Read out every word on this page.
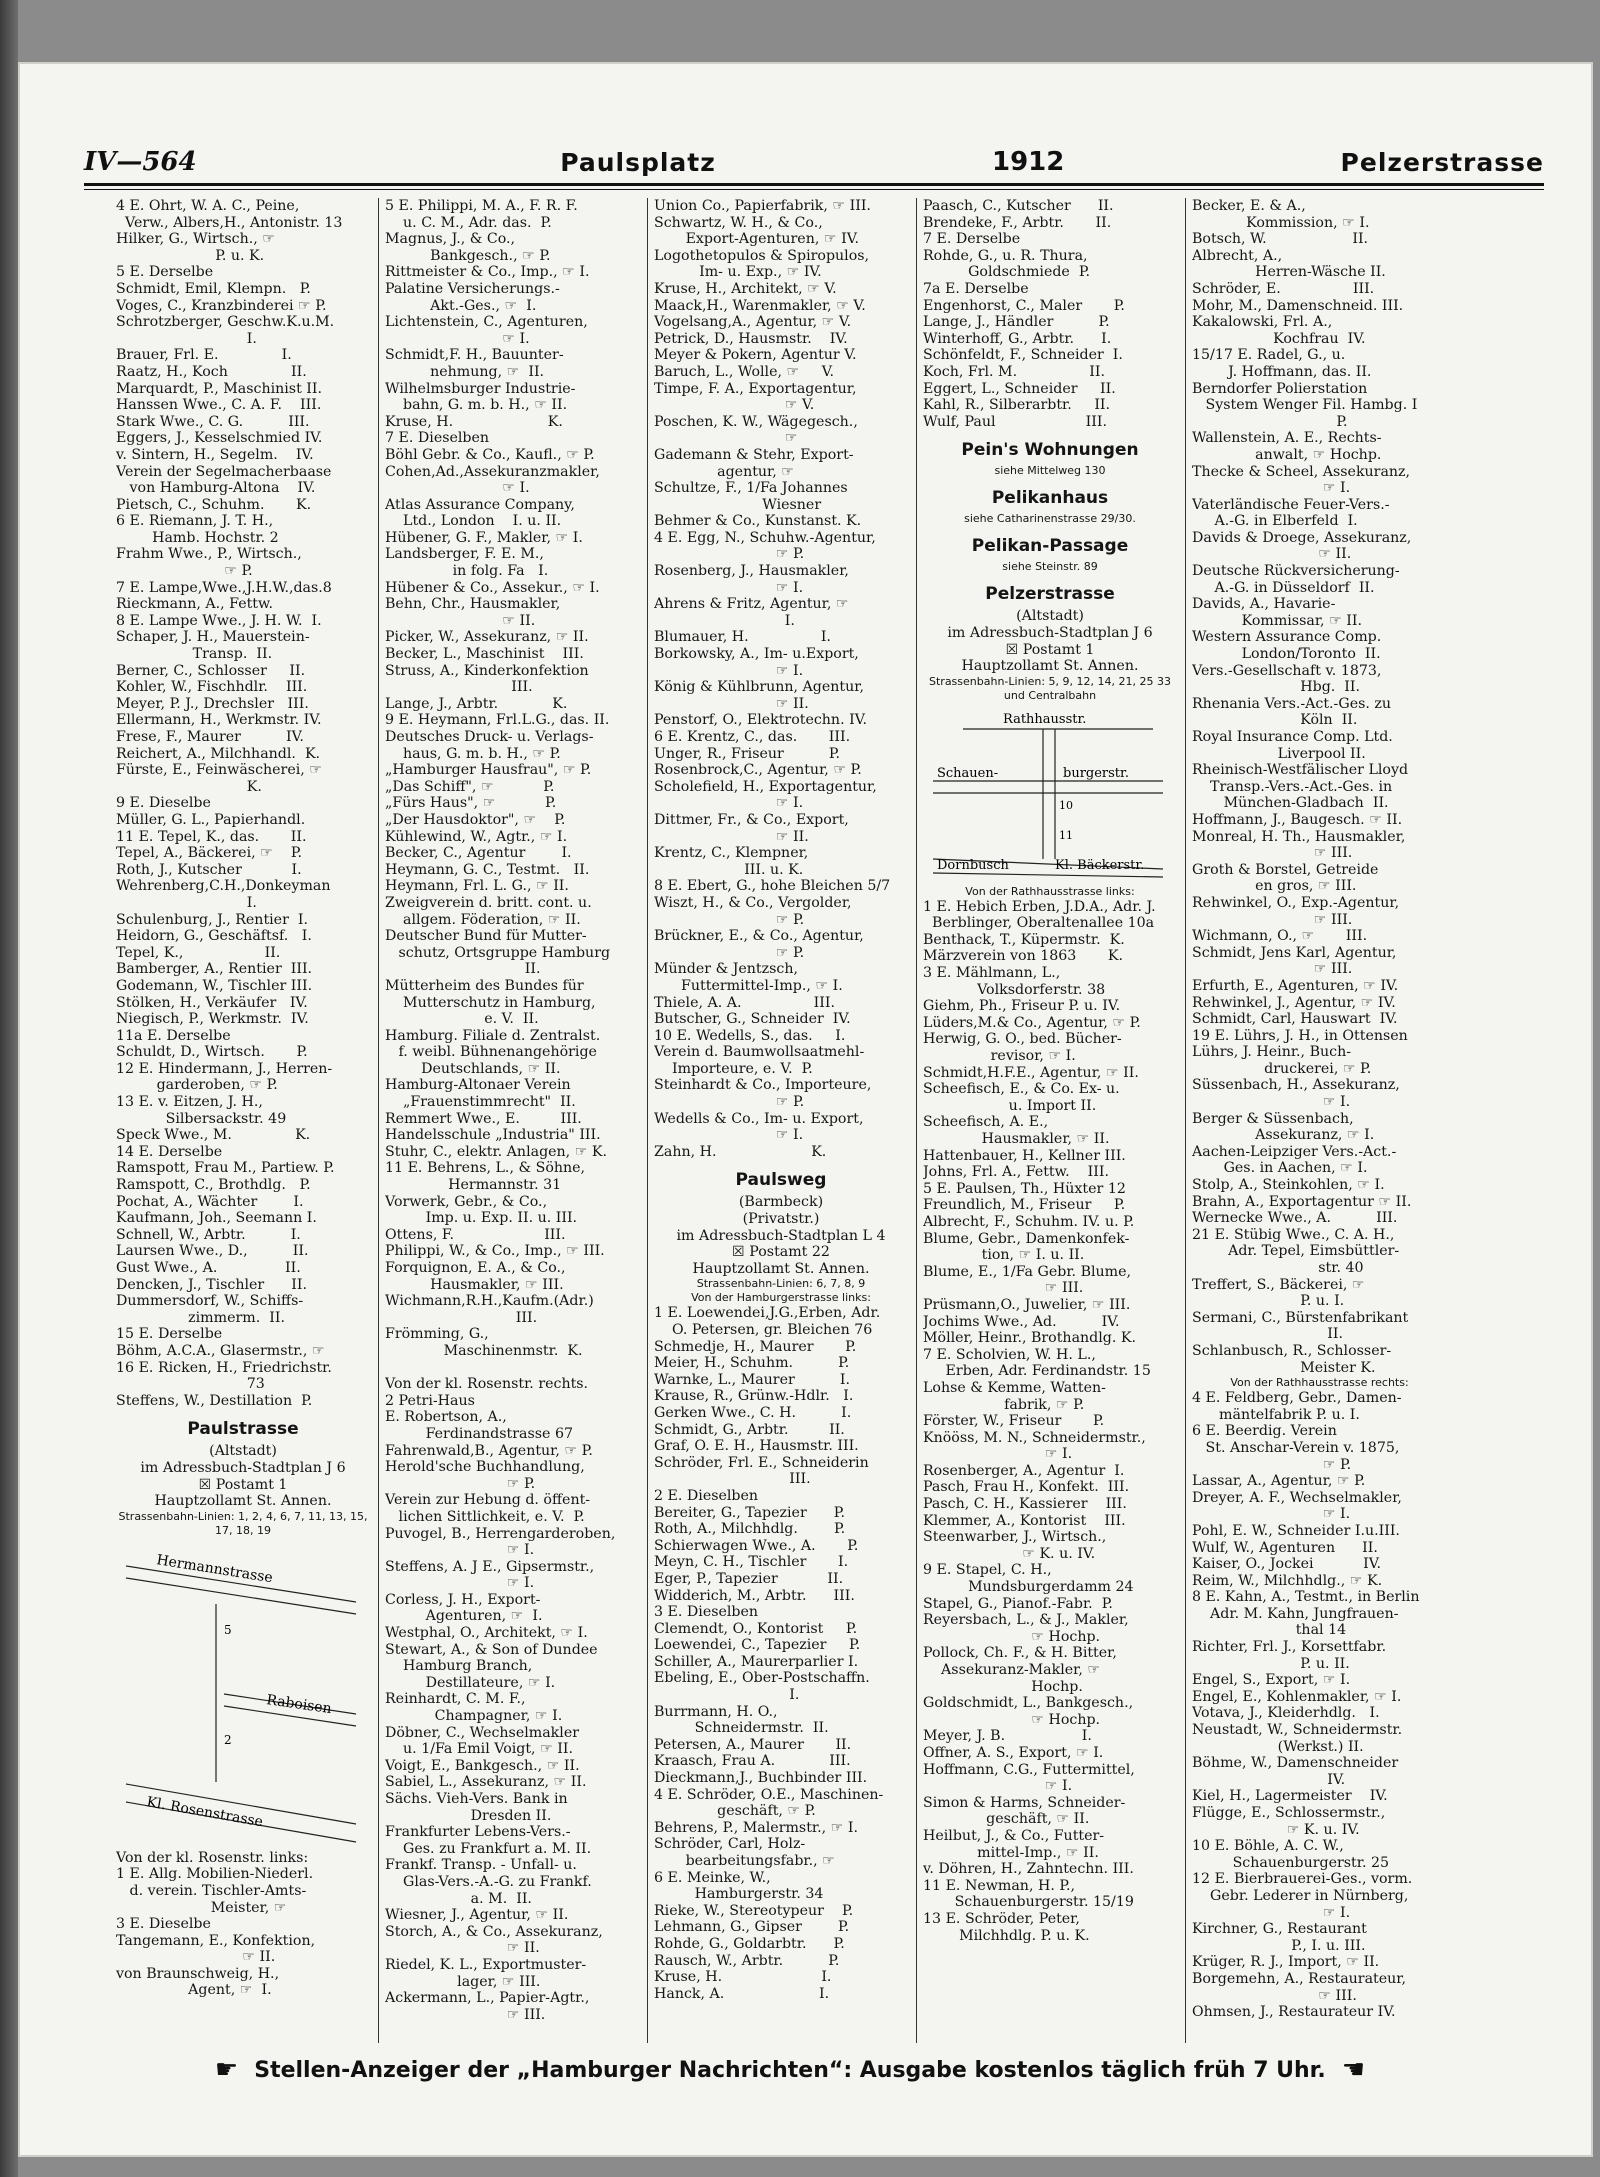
IV—564	Paulsplatz	1912	Pelzerstrasse
4 E. Ohrt, W. A. C., Peine,
Verw., Albers,H., Antonistr. 13
Hilker, G., Wirtsch., ☞
P. u. K.
5 E. Derselbe
Schmidt, Emil, Klempn.   P.
Voges, C., Kranzbinderei ☞ P.
Schrotzberger, Geschw.K.u.M.
I.
Brauer, Frl. E.              I.
Raatz, H., Koch              II.
Marquardt, P., Maschinist II.
Hanssen Wwe., C. A. F.    III.
Stark Wwe., C. G.          III.
Eggers, J., Kesselschmied IV.
v. Sintern, H., Segelm.    IV.
Verein der Segelmacherbaase
von Hamburg-Altona    IV.
Pietsch, C., Schuhm.       K.
6 E. Riemann, J. T. H.,
Hamb. Hochstr. 2
Frahm Wwe., P., Wirtsch.,
☞ P.
7 E. Lampe,Wwe.,J.H.W.,das.8
Rieckmann, A., Fettw.
8 E. Lampe Wwe., J. H. W.  I.
Schaper, J. H., Mauerstein-
Transp.  II.
Berner, C., Schlosser     II.
Kohler, W., Fischhdlr.    III.
Meyer, P. J., Drechsler   III.
Ellermann, H., Werkmstr. IV.
Frese, F., Maurer          IV.
Reichert, A., Milchhandl.  K.
Fürste, E., Feinwäscherei, ☞
K.
9 E. Dieselbe
Müller, G. L., Papierhandl.
11 E. Tepel, K., das.       II.
Tepel, A., Bäckerei, ☞    P.
Roth, J., Kutscher           I.
Wehrenberg,C.H.,Donkeyman
I.
Schulenburg, J., Rentier  I.
Heidorn, G., Geschäftsf.   I.
Tepel, K.,                  II.
Bamberger, A., Rentier  III.
Godemann, W., Tischler III.
Stölken, H., Verkäufer   IV.
Niegisch, P., Werkmstr.  IV.
11a E. Derselbe
Schuldt, D., Wirtsch.       P.
12 E. Hindermann, J., Herren-
garderoben, ☞ P.
13 E. v. Eitzen, J. H.,
Silbersackstr. 49
Speck Wwe., M.              K.
14 E. Derselbe
Ramspott, Frau M., Partiew. P.
Ramspott, C., Brothdlg.   P.
Pochat, A., Wächter        I.
Kaufmann, Joh., Seemann I.
Schnell, W., Arbtr.          I.
Laursen Wwe., D.,          II.
Gust Wwe., A.               II.
Dencken, J., Tischler      II.
Dummersdorf, W., Schiffs-
zimmerm.  II.
15 E. Derselbe
Böhm, A.C.A., Glasermstr., ☞
16 E. Ricken, H., Friedrichstr.
73
Steffens, W., Destillation  P.
Paulstrasse
(Altstadt)
im Adressbuch-Stadtplan J 6
☒ Postamt 1
Hauptzollamt St. Annen.
Strassenbahn-Linien: 1, 2, 4, 6, 7, 11, 13, 15, 17, 18, 19
Hermannstrasse
5
2
Raboisen
Kl. Rosenstrasse
Von der kl. Rosenstr. links:
1 E. Allg. Mobilien-Niederl.
d. verein. Tischler-Amts-
Meister, ☞
3 E. Dieselbe
Tangemann, E., Konfektion,
☞ II.
von Braunschweig, H.,
Agent, ☞  I.
5 E. Philippi, M. A., F. R. F.
u. C. M., Adr. das.  P.
Magnus, J., & Co.,
Bankgesch., ☞ P.
Rittmeister & Co., Imp., ☞ I.
Palatine Versicherungs.-
Akt.-Ges., ☞  I.
Lichtenstein, C., Agenturen,
☞ I.
Schmidt,F. H., Bauunter-
nehmung, ☞  II.
Wilhelmsburger Industrie-
bahn, G. m. b. H., ☞ II.
Kruse, H.                     K.
7 E. Dieselben
Böhl Gebr. & Co., Kaufl., ☞ P.
Cohen,Ad.,Assekuranzmakler,
☞ I.
Atlas Assurance Company,
Ltd., London    I. u. II.
Hübener, G. F., Makler, ☞ I.
Landsberger, F. E. M.,
in folg. Fa   I.
Hübener & Co., Assekur., ☞ I.
Behn, Chr., Hausmakler,
☞ II.
Picker, W., Assekuranz, ☞ II.
Becker, L., Maschinist    III.
Struss, A., Kinderkonfektion
III.
Lange, J., Arbtr.            K.
9 E. Heymann, Frl.L.G., das. II.
Deutsches Druck- u. Verlags-
haus, G. m. b. H., ☞ P.
„Hamburger Hausfrau", ☞ P.
„Das Schiff", ☞           P.
„Fürs Haus", ☞           P.
„Der Hausdoktor", ☞    P.
Kühlewind, W., Agtr., ☞ I.
Becker, C., Agentur        I.
Heymann, G. C., Testmt.   II.
Heymann, Frl. L. G., ☞ II.
Zweigverein d. britt. cont. u.
allgem. Föderation, ☞ II.
Deutscher Bund für Mutter-
schutz, Ortsgruppe Hamburg
II.
Mütterheim des Bundes für
Mutterschutz in Hamburg,
e. V.  II.
Hamburg. Filiale d. Zentralst.
f. weibl. Bühnenangehörige
Deutschlands, ☞ II.
Hamburg-Altonaer Verein
„Frauenstimmrecht"  II.
Remmert Wwe., E.         III.
Handelsschule „Industria" III.
Stuhr, C., elektr. Anlagen, ☞ K.
11 E. Behrens, L., & Söhne,
Hermannstr. 31
Vorwerk, Gebr., & Co.,
Imp. u. Exp. II. u. III.
Ottens, F.                    III.
Philippi, W., & Co., Imp., ☞ III.
Forquignon, E. A., & Co.,
Hausmakler, ☞ III.
Wichmann,R.H.,Kaufm.(Adr.)
III.
Frömming, G.,
Maschinenmstr.  K.

Von der kl. Rosenstr. rechts.
2 Petri-Haus
E. Robertson, A.,
Ferdinandstrasse 67
Fahrenwald,B., Agentur, ☞ P.
Herold'sche Buchhandlung,
☞ P.
Verein zur Hebung d. öffent-
lichen Sittlichkeit, e. V.  P.
Puvogel, B., Herrengarderoben,
☞ I.
Steffens, A. J E., Gipsermstr.,
☞ I.
Corless, J. H., Export-
Agenturen, ☞  I.
Westphal, O., Architekt, ☞ I.
Stewart, A., & Son of Dundee
Hamburg Branch,
Destillateure, ☞ I.
Reinhardt, C. M. F.,
Champagner, ☞ I.
Döbner, C., Wechselmakler
u. 1/Fa Emil Voigt, ☞ II.
Voigt, E., Bankgesch., ☞ II.
Sabiel, L., Assekuranz, ☞ II.
Sächs. Vieh-Vers. Bank in
Dresden II.
Frankfurter Lebens-Vers.-
Ges. zu Frankfurt a. M. II.
Frankf. Transp. - Unfall- u.
Glas-Vers.-A.-G. zu Frankf.
a. M.  II.
Wiesner, J., Agentur, ☞ II.
Storch, A., & Co., Assekuranz,
☞ II.
Riedel, K. L., Exportmuster-
lager, ☞ III.
Ackermann, L., Papier-Agtr.,
☞ III.
Union Co., Papierfabrik, ☞ III.
Schwartz, W. H., & Co.,
Export-Agenturen, ☞ IV.
Logothetopulos & Spiropulos,
Im- u. Exp., ☞ IV.
Kruse, H., Architekt, ☞ V.
Maack,H., Warenmakler, ☞ V.
Vogelsang,A., Agentur, ☞ V.
Petrick, D., Hausmstr.    IV.
Meyer & Pokern, Agentur V.
Baruch, L., Wolle, ☞     V.
Timpe, F. A., Exportagentur,
☞ V.
Poschen, K. W., Wägegesch.,
☞
Gademann & Stehr, Export-
agentur, ☞
Schultze, F., 1/Fa Johannes
Wiesner
Behmer & Co., Kunstanst. K.
4 E. Egg, N., Schuhw.-Agentur,
☞ P.
Rosenberg, J., Hausmakler,
☞ I.
Ahrens & Fritz, Agentur, ☞
I.
Blumauer, H.                I.
Borkowsky, A., Im- u.Export,
☞ I.
König & Kühlbrunn, Agentur,
☞ II.
Penstorf, O., Elektrotechn. IV.
6 E. Krentz, C., das.       III.
Unger, R., Friseur          P.
Rosenbrock,C., Agentur, ☞ P.
Scholefield, H., Exportagentur,
☞ I.
Dittmer, Fr., & Co., Export,
☞ II.
Krentz, C., Klempner,
III. u. K.
8 E. Ebert, G., hohe Bleichen 5/7
Wiszt, H., & Co., Vergolder,
☞ P.
Brückner, E., & Co., Agentur,
☞ P.
Münder & Jentzsch,
Futtermittel-Imp., ☞ I.
Thiele, A. A.                III.
Butscher, G., Schneider  IV.
10 E. Wedells, S., das.     I.
Verein d. Baumwollsaatmehl-
Importeure, e. V.  P.
Steinhardt & Co., Importeure,
☞ P.
Wedells & Co., Im- u. Export,
☞ I.
Zahn, H.                     K.
Paulsweg
(Barmbeck)
(Privatstr.)
im Adressbuch-Stadtplan L 4
☒ Postamt 22
Hauptzollamt St. Annen.
Strassenbahn-Linien: 6, 7, 8, 9
Von der Hamburgerstrasse links:
1 E. Loewendei,J.G.,Erben, Adr.
O. Petersen, gr. Bleichen 76
Schmedje, H., Maurer       P.
Meier, H., Schuhm.          P.
Warnke, L., Maurer          I.
Krause, R., Grünw.-Hdlr.   I.
Gerken Wwe., C. H.          I.
Schmidt, G., Arbtr.         II.
Graf, O. E. H., Hausmstr. III.
Schröder, Frl. E., Schneiderin
III.
2 E. Dieselben
Bereiter, G., Tapezier      P.
Roth, A., Milchhdlg.        P.
Schierwagen Wwe., A.       P.
Meyn, C. H., Tischler       I.
Eger, P., Tapezier           II.
Widderich, M., Arbtr.      III.
3 E. Dieselben
Clemendt, O., Kontorist     P.
Loewendei, C., Tapezier     P.
Schiller, A., Maurerparlier I.
Ebeling, E., Ober-Postschaffn.
I.
Burrmann, H. O.,
Schneidermstr.  II.
Petersen, A., Maurer       II.
Kraasch, Frau A.            III.
Dieckmann,J., Buchbinder III.
4 E. Schröder, O.E., Maschinen-
geschäft, ☞ P.
Behrens, P., Malermstr., ☞ I.
Schröder, Carl, Holz-
bearbeitungsfabr., ☞
6 E. Meinke, W.,
Hamburgerstr. 34
Rieke, W., Stereotypeur    P.
Lehmann, G., Gipser        P.
Rohde, G., Goldarbtr.      P.
Rausch, W., Arbtr.          P.
Kruse, H.                      I.
Hanck, A.                     I.
Paasch, C., Kutscher      II.
Brendeke, F., Arbtr.       II.
7 E. Derselbe
Rohde, G., u. R. Thura,
Goldschmiede  P.
7a E. Derselbe
Engenhorst, C., Maler       P.
Lange, J., Händler          P.
Winterhoff, G., Arbtr.      I.
Schönfeldt, F., Schneider  I.
Koch, Frl. M.                II.
Eggert, L., Schneider     II.
Kahl, R., Silberarbtr.     II.
Wulf, Paul                    III.
Pein's Wohnungen
siehe Mittelweg 130
Pelikanhaus
siehe Catharinenstrasse 29/30.
Pelikan-Passage
siehe Steinstr. 89
Pelzerstrasse
(Altstadt)
im Adressbuch-Stadtplan J 6
☒ Postamt 1
Hauptzollamt St. Annen.
Strassenbahn-Linien: 5, 9, 12, 14, 21, 25 33 und Centralbahn
Rathhausstr.
Schauen-	burgerstr.
10
11
Dornbusch	Kl. Bäckerstr.
Von der Rathhausstrasse links:
1 E. Hebich Erben, J.D.A., Adr. J.
Berblinger, Oberaltenallee 10a
Benthack, T., Küpermstr.  K.
Märzverein von 1863       K.
3 E. Mählmann, L.,
Volksdorferstr. 38
Giehm, Ph., Friseur P. u. IV.
Lüders,M.& Co., Agentur, ☞ P.
Herwig, G. O., bed. Bücher-
revisor, ☞ I.
Schmidt,H.F.E., Agentur, ☞ II.
Scheefisch, E., & Co. Ex- u.
u. Import II.
Scheefisch, A. E.,
Hausmakler, ☞ II.
Hattenbauer, H., Kellner III.
Johns, Frl. A., Fettw.    III.
5 E. Paulsen, Th., Hüxter 12
Freundlich, M., Friseur     P.
Albrecht, F., Schuhm. IV. u. P.
Blume, Gebr., Damenkonfek-
tion, ☞ I. u. II.
Blume, E., 1/Fa Gebr. Blume,
☞ III.
Prüsmann,O., Juwelier, ☞ III.
Jochims Wwe., Ad.          IV.
Möller, Heinr., Brothandlg. K.
7 E. Scholvien, W. H. L.,
Erben, Adr. Ferdinandstr. 15
Lohse & Kemme, Watten-
fabrik, ☞ P.
Förster, W., Friseur       P.
Knööss, M. N., Schneidermstr.,
☞ I.
Rosenberger, A., Agentur  I.
Pasch, Frau H., Konfekt.  III.
Pasch, C. H., Kassierer    III.
Klemmer, A., Kontorist    III.
Steenwarber, J., Wirtsch.,
☞ K. u. IV.
9 E. Stapel, C. H.,
Mundsburgerdamm 24
Stapel, G., Pianof.-Fabr.  P.
Reyersbach, L., & J., Makler,
☞ Hochp.
Pollock, Ch. F., & H. Bitter,
Assekuranz-Makler, ☞
Hochp.
Goldschmidt, L., Bankgesch.,
☞ Hochp.
Meyer, J. B.                 I.
Offner, A. S., Export, ☞ I.
Hoffmann, C.G., Futtermittel,
☞ I.
Simon & Harms, Schneider-
geschäft, ☞ II.
Heilbut, J., & Co., Futter-
mittel-Imp., ☞ II.
v. Döhren, H., Zahntechn. III.
11 E. Newman, H. P.,
Schauenburgerstr. 15/19
13 E. Schröder, Peter,
Milchhdlg. P. u. K.
Becker, E. & A.,
Kommission, ☞ I.
Botsch, W.                   II.
Albrecht, A.,
Herren-Wäsche II.
Schröder, E.                III.
Mohr, M., Damenschneid. III.
Kakalowski, Frl. A.,
Kochfrau  IV.
15/17 E. Radel, G., u.
J. Hoffmann, das. II.
Berndorfer Polierstation
System Wenger Fil. Hambg. I
P.
Wallenstein, A. E., Rechts-
anwalt, ☞ Hochp.
Thecke & Scheel, Assekuranz,
☞ I.
Vaterländische Feuer-Vers.-
A.-G. in Elberfeld  I.
Davids & Droege, Assekuranz,
☞ II.
Deutsche Rückversicherung-
A.-G. in Düsseldorf  II.
Davids, A., Havarie-
Kommissar, ☞ II.
Western Assurance Comp.
London/Toronto  II.
Vers.-Gesellschaft v. 1873,
Hbg.  II.
Rhenania Vers.-Act.-Ges. zu
Köln  II.
Royal Insurance Comp. Ltd.
Liverpool II.
Rheinisch-Westfälischer Lloyd
Transp.-Vers.-Act.-Ges. in
München-Gladbach  II.
Hoffmann, J., Baugesch. ☞ II.
Monreal, H. Th., Hausmakler,
☞ III.
Groth & Borstel, Getreide
en gros, ☞ III.
Rehwinkel, O., Exp.-Agentur,
☞ III.
Wichmann, O., ☞       III.
Schmidt, Jens Karl, Agentur,
☞ III.
Erfurth, E., Agenturen, ☞ IV.
Rehwinkel, J., Agentur, ☞ IV.
Schmidt, Carl, Hauswart  IV.
19 E. Lührs, J. H., in Ottensen
Lührs, J. Heinr., Buch-
druckerei, ☞ P.
Süssenbach, H., Assekuranz,
☞ I.
Berger & Süssenbach,
Assekuranz, ☞ I.
Aachen-Leipziger Vers.-Act.-
Ges. in Aachen, ☞ I.
Stolp, A., Steinkohlen, ☞ I.
Brahn, A., Exportagentur ☞ II.
Wernecke Wwe., A.          III.
21 E. Stübig Wwe., C. A. H.,
Adr. Tepel, Eimsbüttler-
str. 40
Treffert, S., Bäckerei, ☞
P. u. I.
Sermani, C., Bürstenfabrikant
II.
Schlanbusch, R., Schlosser-
Meister K.
Von der Rathhausstrasse rechts:
4 E. Feldberg, Gebr., Damen-
mäntelfabrik P. u. I.
6 E. Beerdig. Verein
St. Anschar-Verein v. 1875,
☞ P.
Lassar, A., Agentur, ☞ P.
Dreyer, A. F., Wechselmakler,
☞ I.
Pohl, E. W., Schneider I.u.III.
Wulf, W., Agenturen      II.
Kaiser, O., Jockei           IV.
Reim, W., Milchhdlg., ☞ K.
8 E. Kahn, A., Testmt., in Berlin
Adr. M. Kahn, Jungfrauen-
thal 14
Richter, Frl. J., Korsettfabr.
P. u. II.
Engel, S., Export, ☞ I.
Engel, E., Kohlenmakler, ☞ I.
Votava, J., Kleiderhdlg.   I.
Neustadt, W., Schneidermstr.
(Werkst.) II.
Böhme, W., Damenschneider
IV.
Kiel, H., Lagermeister    IV.
Flügge, E., Schlossermstr.,
☞ K. u. IV.
10 E. Böhle, A. C. W.,
Schauenburgerstr. 25
12 E. Bierbrauerei-Ges., vorm.
Gebr. Lederer in Nürnberg,
☞ I.
Kirchner, G., Restaurant
P., I. u. III.
Krüger, R. J., Import, ☞ II.
Borgemehn, A., Restaurateur,
☞ III.
Ohmsen, J., Restaurateur IV.
☛ Stellen-Anzeiger der „Hamburger Nachrichten“: Ausgabe kostenlos täglich früh 7 Uhr. ☚
